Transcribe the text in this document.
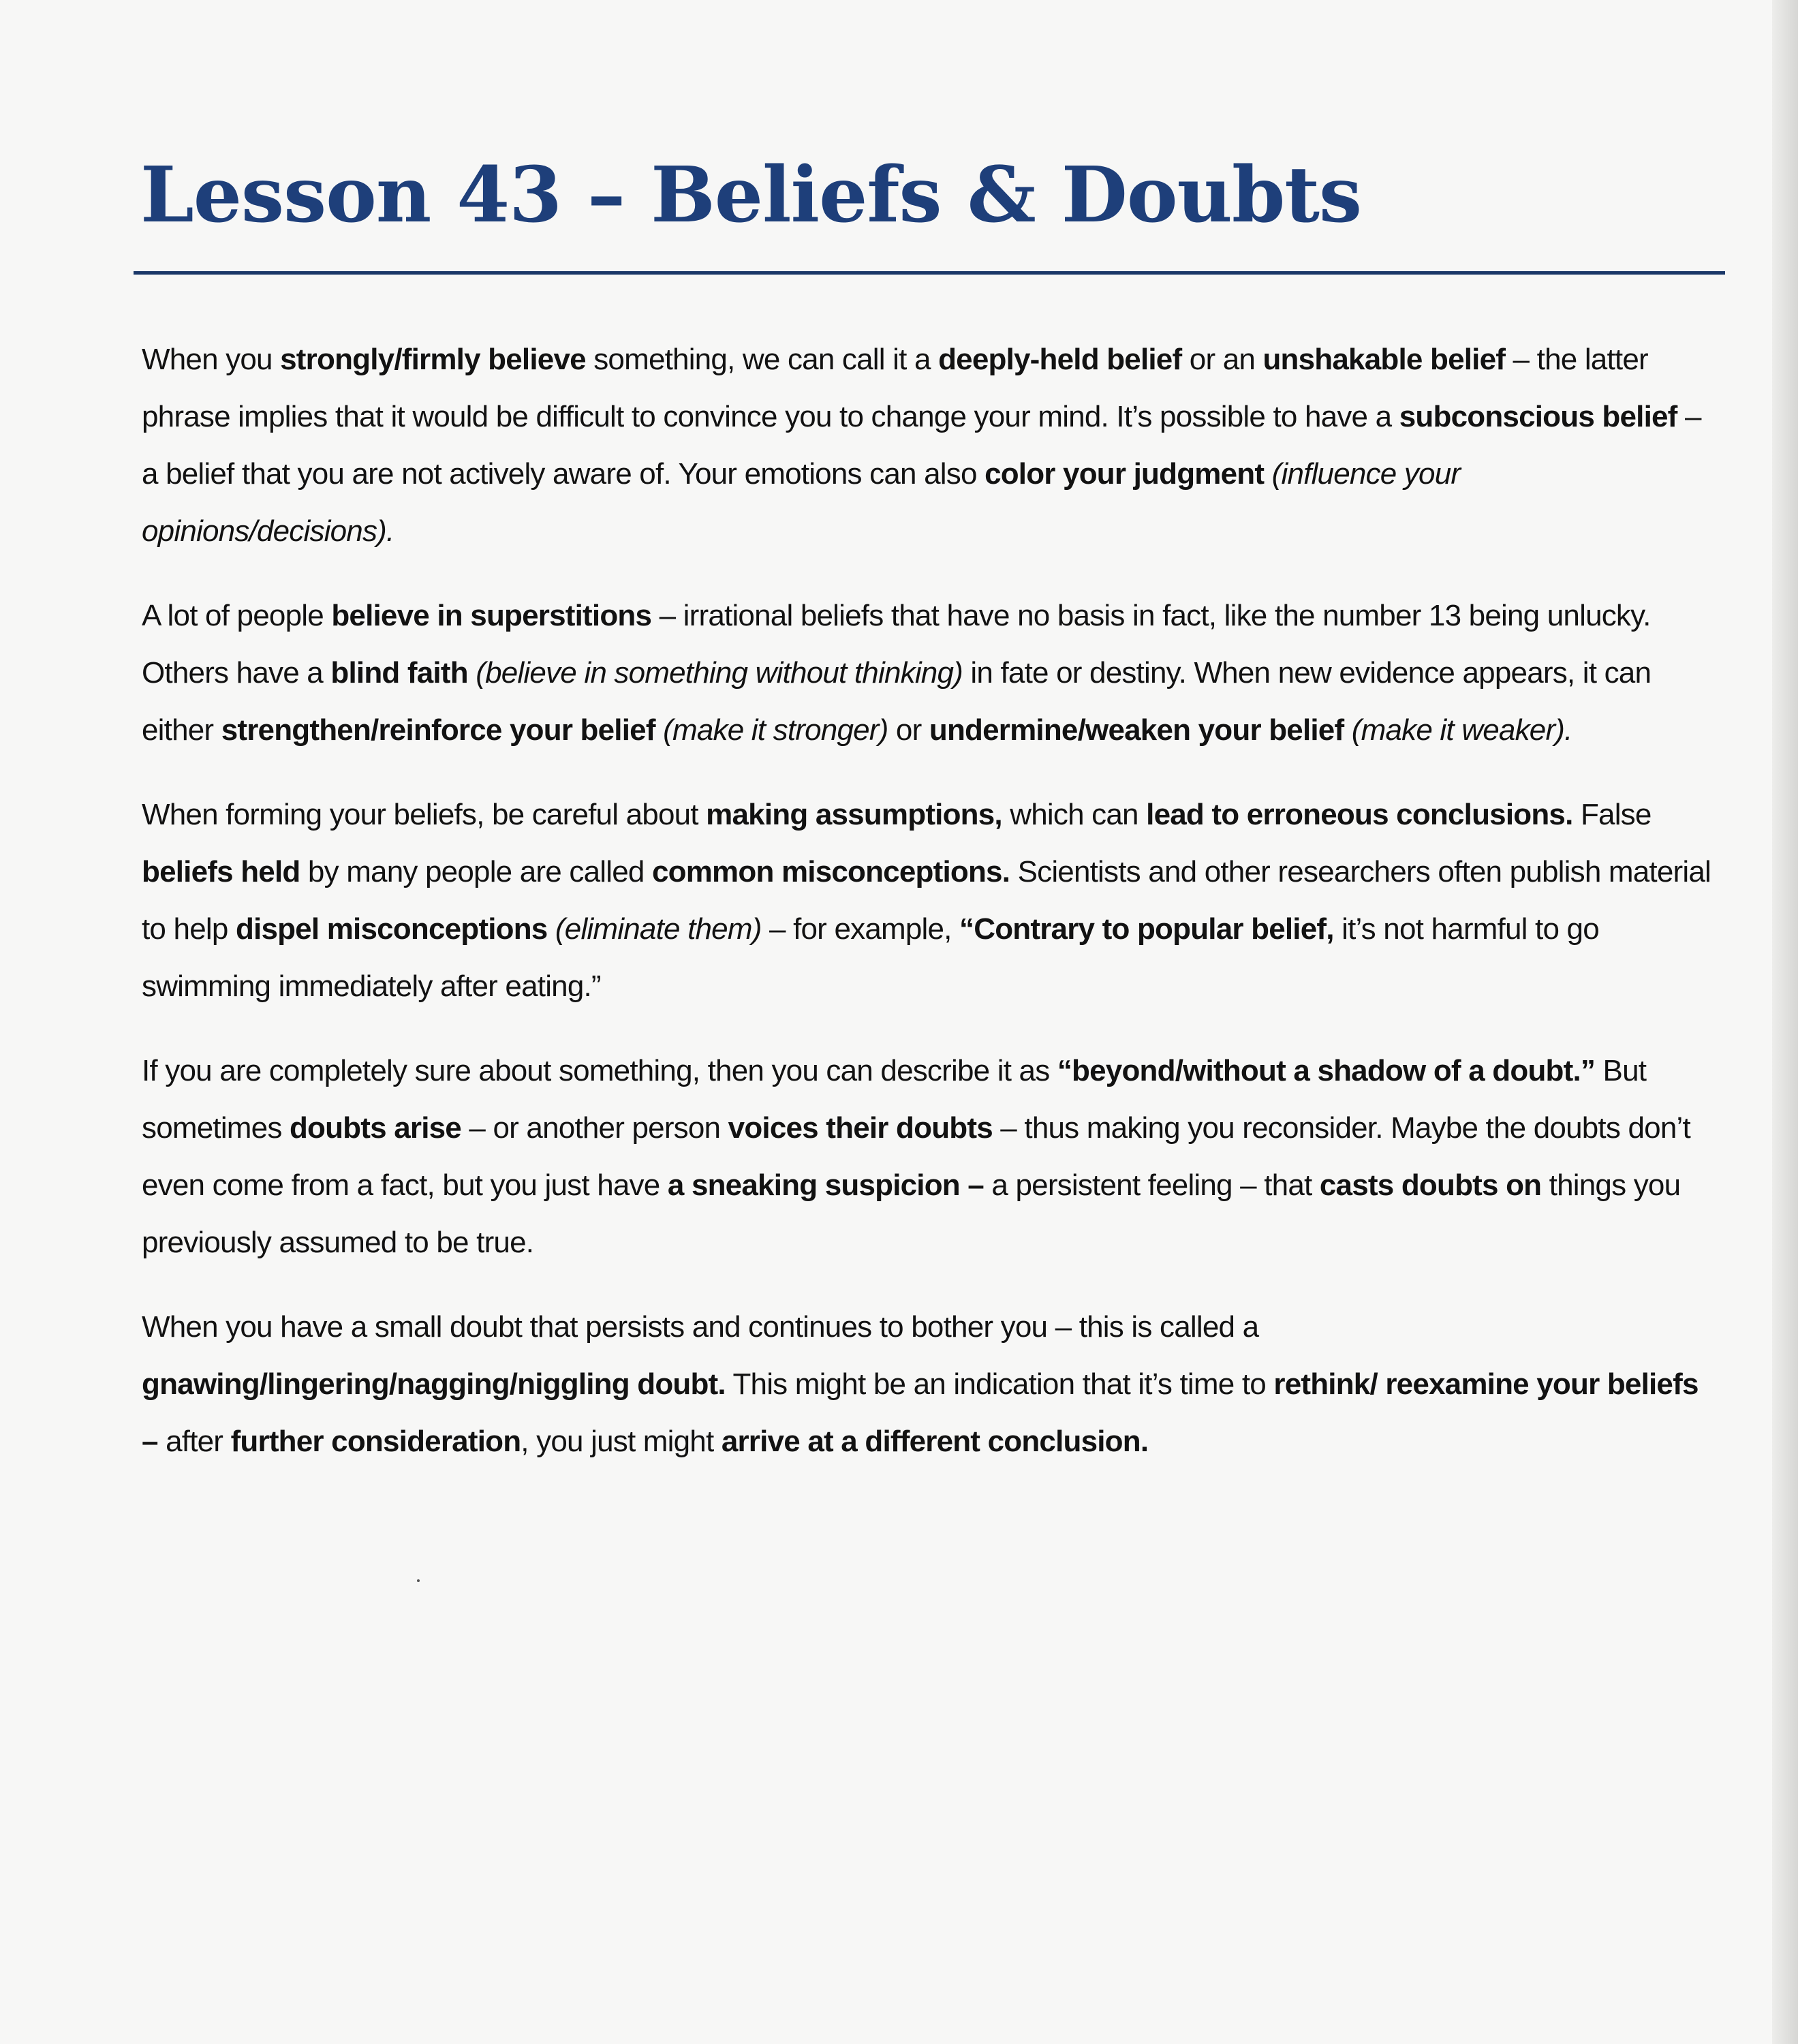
Lesson 43 – Beliefs & Doubts

When you strongly/firmly believe something, we can call it a deeply-held belief or an unshakable belief – the latter phrase implies that it would be difficult to convince you to change your mind. It’s possible to have a subconscious belief – a belief that you are not actively aware of. Your emotions can also color your judgment (influence your opinions/decisions).

A lot of people believe in superstitions – irrational beliefs that have no basis in fact, like the number 13 being unlucky. Others have a blind faith (believe in something without thinking) in fate or destiny. When new evidence appears, it can either strengthen/reinforce your belief (make it stronger) or undermine/weaken your belief (make it weaker).

When forming your beliefs, be careful about making assumptions, which can lead to erroneous conclusions. False beliefs held by many people are called common misconceptions. Scientists and other researchers often publish material to help dispel misconceptions (eliminate them) – for example, “Contrary to popular belief, it’s not harmful to go swimming immediately after eating.”

If you are completely sure about something, then you can describe it as “beyond/without a shadow of a doubt.” But sometimes doubts arise – or another person voices their doubts – thus making you reconsider. Maybe the doubts don’t even come from a fact, but you just have a sneaking suspicion – a persistent feeling – that casts doubts on things you previously assumed to be true.

When you have a small doubt that persists and continues to bother you – this is called a gnawing/lingering/nagging/niggling doubt. This might be an indication that it’s time to rethink/ reexamine your beliefs – after further consideration, you just might arrive at a different conclusion.
